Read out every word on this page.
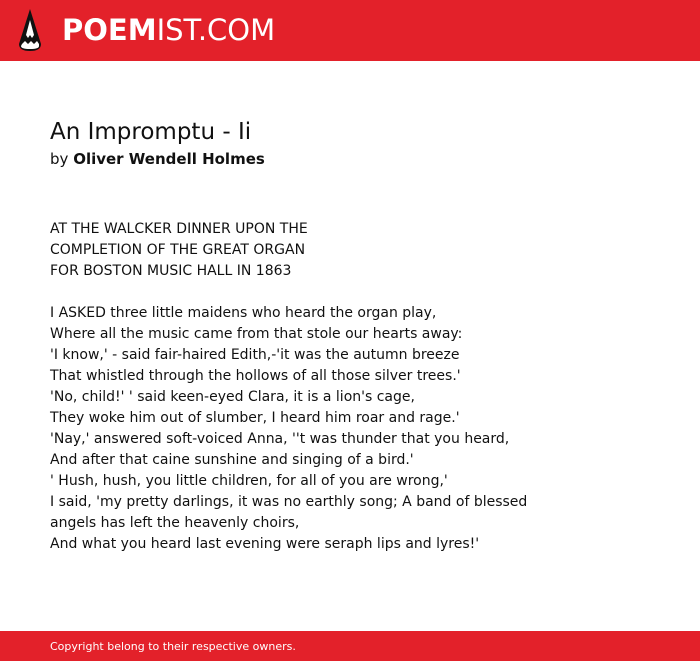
POEMIST.COM
An Impromptu - Ii
by Oliver Wendell Holmes
AT THE WALCKER DINNER UPON THE
COMPLETION OF THE GREAT ORGAN
FOR BOSTON MUSIC HALL IN 1863
I ASKED three little maidens who heard the organ play,
Where all the music came from that stole our hearts away:
'I know,' - said fair-haired Edith,-'it was the autumn breeze
That whistled through the hollows of all those silver trees.'
'No, child!' ' said keen-eyed Clara, it is a lion's cage,
They woke him out of slumber, I heard him roar and rage.'
'Nay,' answered soft-voiced Anna, ''t was thunder that you heard,
And after that caine sunshine and singing of a bird.'
' Hush, hush, you little children, for all of you are wrong,'
I said, 'my pretty darlings, it was no earthly song; A band of blessed
angels has left the heavenly choirs,
And what you heard last evening were seraph lips and lyres!'
Copyright belong to their respective owners.
